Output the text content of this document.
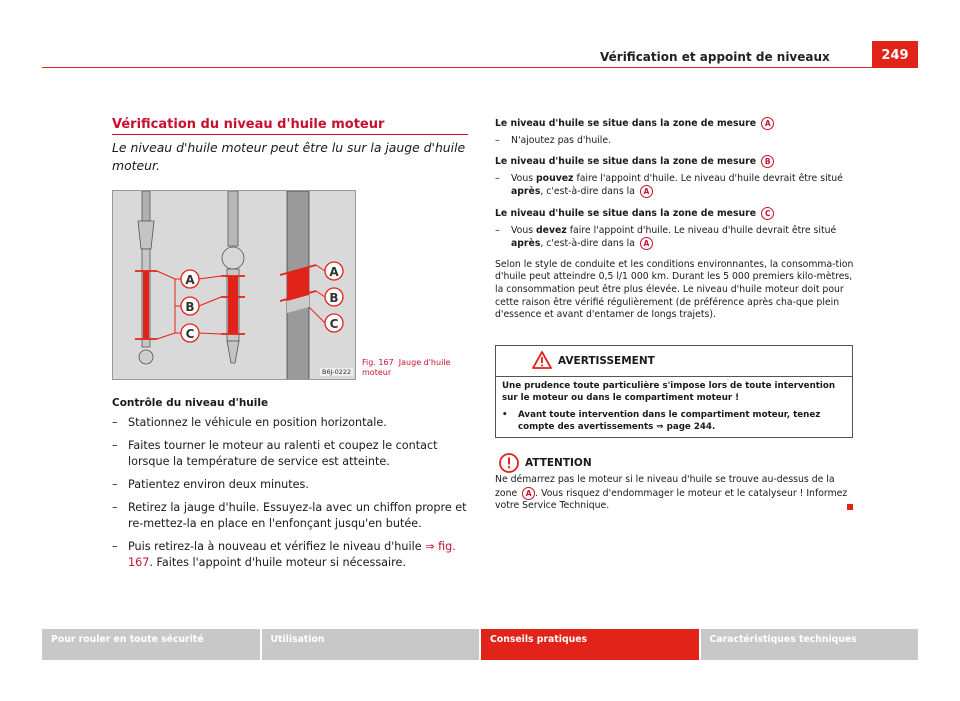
Vérification et appoint de niveaux	249
Vérification du niveau d'huile moteur
Le niveau d'huile moteur peut être lu sur la jauge d'huile moteur.
A
B
C
A
B
C
B6J-0222
Fig. 167 Jauge d'huile moteur
Contrôle du niveau d'huile
– Stationnez le véhicule en position horizontale.
– Faites tourner le moteur au ralenti et coupez le contact lorsque la température de service est atteinte.
– Patientez environ deux minutes.
– Retirez la jauge d'huile. Essuyez-la avec un chiffon propre et re-mettez-la en place en l'enfonçant jusqu'en butée.
– Puis retirez-la à nouveau et vérifiez le niveau d'huile ⇒ fig. 167. Faites l'appoint d'huile moteur si nécessaire.
Le niveau d'huile se situe dans la zone de mesure A
– N'ajoutez pas d'huile.
Le niveau d'huile se situe dans la zone de mesure B
– Vous pouvez faire l'appoint d'huile. Le niveau d'huile devrait être situé après, c'est-à-dire dans la A
Le niveau d'huile se situe dans la zone de mesure C
– Vous devez faire l'appoint d'huile. Le niveau d'huile devrait être situé après, c'est-à-dire dans la A
Selon le style de conduite et les conditions environnantes, la consomma-tion d'huile peut atteindre 0,5 l/1 000 km. Durant les 5 000 premiers kilo-mètres, la consommation peut être plus élevée. Le niveau d'huile moteur doit pour cette raison être vérifié régulièrement (de préférence après cha-que plein d'essence et avant d'entamer de longs trajets).
AVERTISSEMENT

Une prudence toute particulière s'impose lors de toute intervention sur le moteur ou dans le compartiment moteur !

• Avant toute intervention dans le compartiment moteur, tenez compte des avertissements ⇒ page 244.
ATTENTION
Ne démarrez pas le moteur si le niveau d'huile se trouve au-dessus de la zone A . Vous risquez d'endommager le moteur et le catalyseur ! Informez votre Service Technique.
Pour rouler en toute sécurité	Utilisation	Conseils pratiques	Caractéristiques techniques
